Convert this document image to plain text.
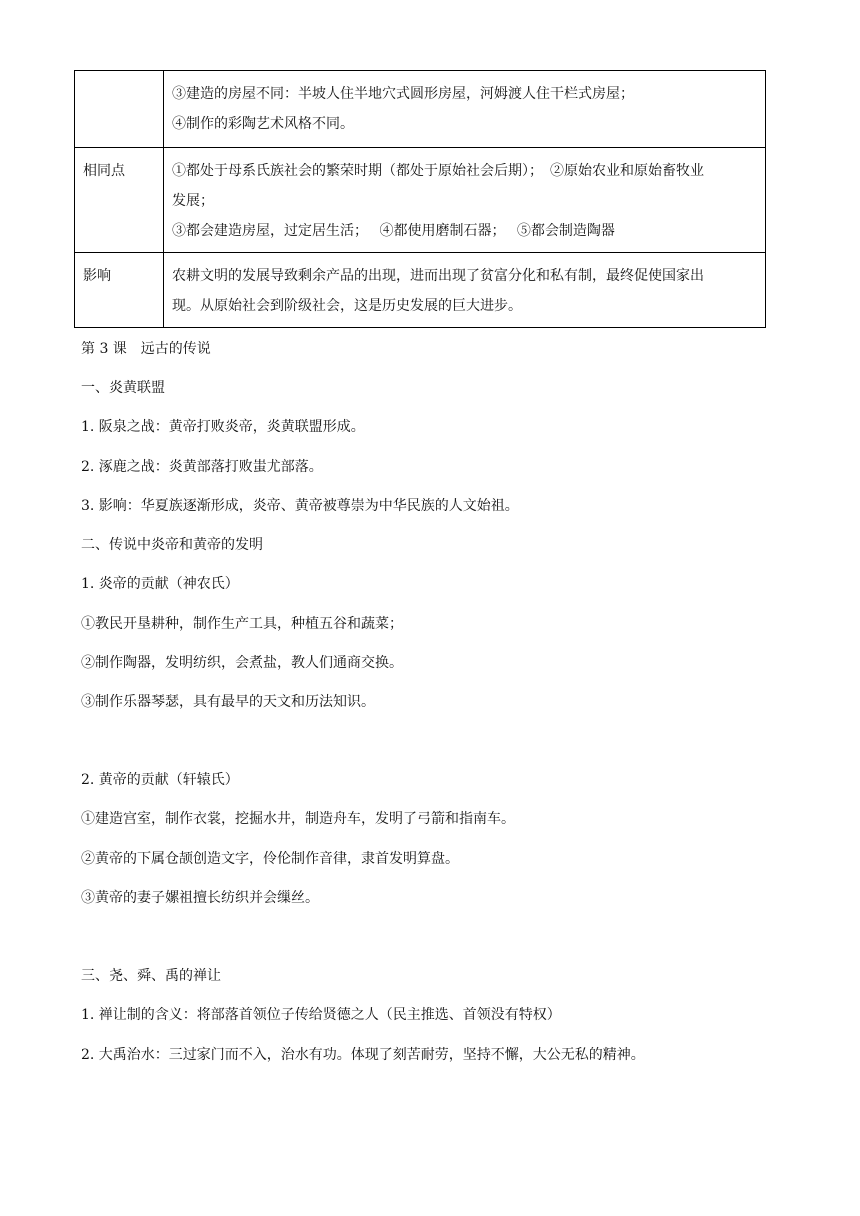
	③建造的房屋不同：半坡人住半地穴式圆形房屋，河姆渡人住干栏式房屋；
④制作的彩陶艺术风格不同。

相同点	①都处于母系氏族社会的繁荣时期（都处于原始社会后期）；　②原始农业和原始畜牧业
发展；
③都会建造房屋，过定居生活；　 ④都使用磨制石器；　 ⑤都会制造陶器

影响	农耕文明的发展导致剩余产品的出现，进而出现了贫富分化和私有制，最终促使国家出
现。从原始社会到阶级社会，这是历史发展的巨大进步。
第 3 课　远古的传说
一、炎黄联盟
1. 阪泉之战：黄帝打败炎帝，炎黄联盟形成。
2. 涿鹿之战：炎黄部落打败蚩尤部落。
3. 影响：华夏族逐渐形成，炎帝、黄帝被尊崇为中华民族的人文始祖。
二、传说中炎帝和黄帝的发明
1. 炎帝的贡献（神农氏）
①教民开垦耕种，制作生产工具，种植五谷和蔬菜；
②制作陶器，发明纺织，会煮盐，教人们通商交换。
③制作乐器琴瑟，具有最早的天文和历法知识。
2. 黄帝的贡献（轩辕氏）
①建造宫室，制作衣裳，挖掘水井，制造舟车，发明了弓箭和指南车。
②黄帝的下属仓颉创造文字，伶伦制作音律，隶首发明算盘。
③黄帝的妻子嫘祖擅长纺织并会缫丝。
三、尧、舜、禹的禅让
1. 禅让制的含义：将部落首领位子传给贤德之人（民主推选、首领没有特权）
2. 大禹治水：三过家门而不入，治水有功。体现了刻苦耐劳，坚持不懈，大公无私的精神。
